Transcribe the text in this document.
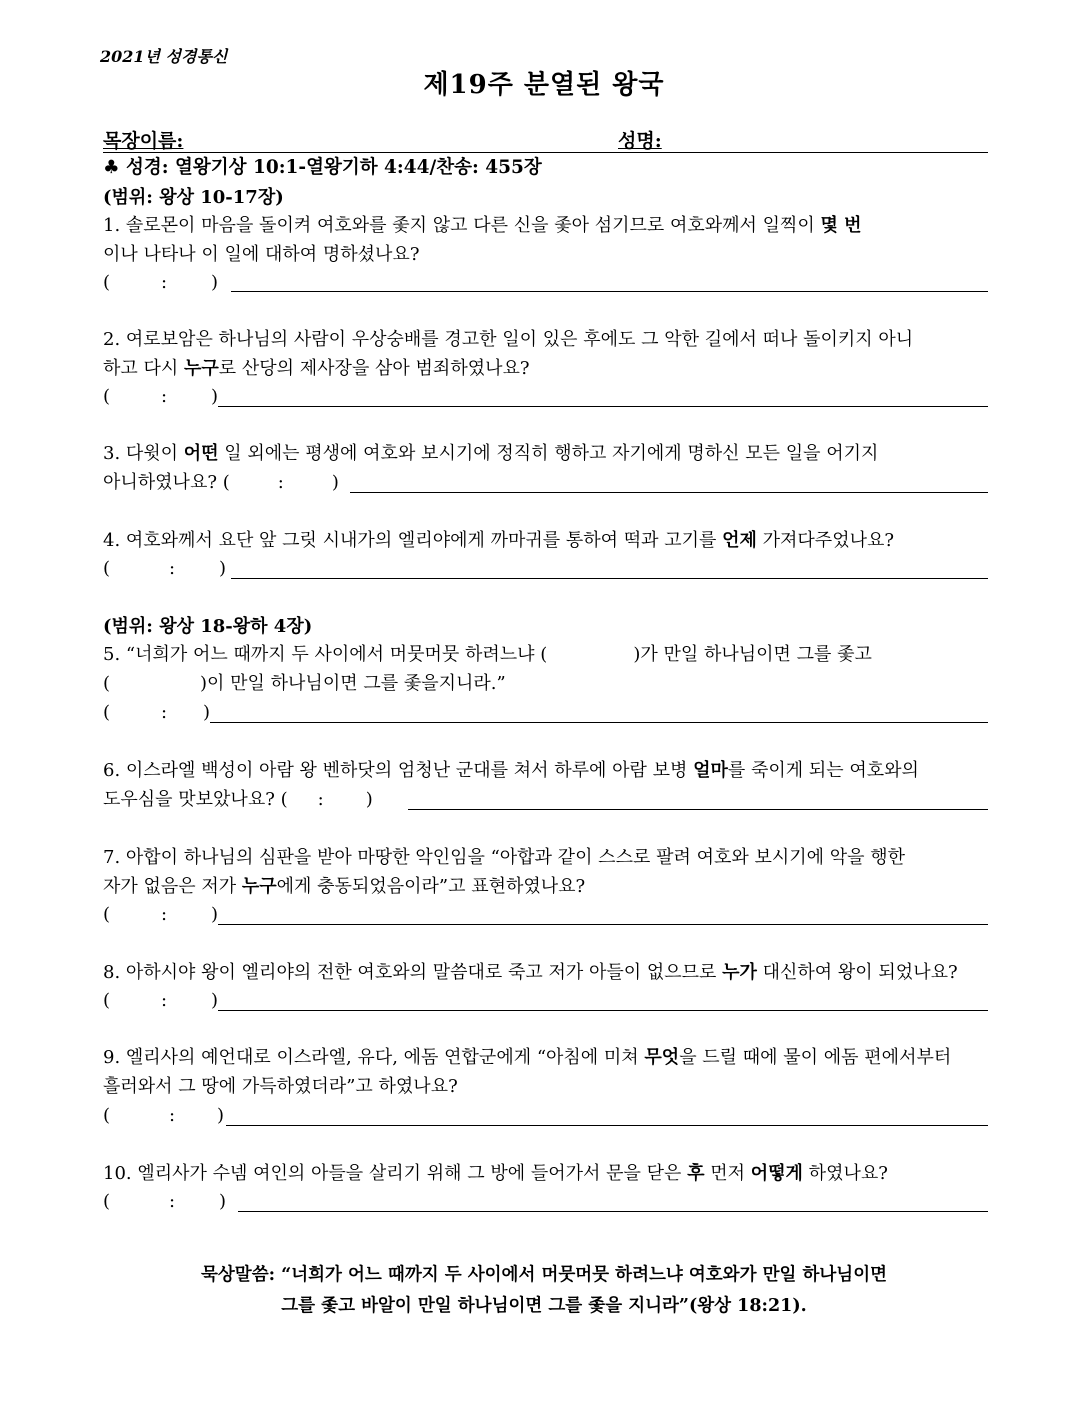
2021년 성경통신
제19주 분열된 왕국
목장이름:	성명:
♣ 성경: 열왕기상 10:1-열왕기하 4:44/찬송: 455장
(범위: 왕상 10-17장)
1. 솔로몬이 마음을 돌이켜 여호와를 좇지 않고 다른 신을 좇아 섬기므로 여호와께서 일찍이 몇 번
이나 나타나 이 일에 대하여 명하셨나요?
(	: )
2. 여로보암은 하나님의 사람이 우상숭배를 경고한 일이 있은 후에도 그 악한 길에서 떠나 돌이키지 아니
하고 다시 누구로 산당의 제사장을 삼아 범죄하였나요?
(	: )
3. 다윗이 어떤 일 외에는 평생에 여호와 보시기에 정직히 행하고 자기에게 명하신 모든 일을 어기지
아니하였나요? (	:	)
4. 여호와께서 요단 앞 그릿 시내가의 엘리야에게 까마귀를 통하여 떡과 고기를 언제 가져다주었나요?
(	: )
(범위: 왕상 18-왕하 4장)
5. “너희가 어느 때까지 두 사이에서 머뭇머뭇 하려느냐 (	)가 만일 하나님이면 그를 좇고
(	)이 만일 하나님이면 그를 좇을지니라.”
(	: )
6. 이스라엘 백성이 아람 왕 벤하닷의 엄청난 군대를 쳐서 하루에 아람 보병 얼마를 죽이게 되는 여호와의
도우심을 맛보았나요? ( : )
7. 아합이 하나님의 심판을 받아 마땅한 악인임을 “아합과 같이 스스로 팔려 여호와 보시기에 악을 행한
자가 없음은 저가 누구에게 충동되었음이라”고 표현하였나요?
(	: )
8. 아하시야 왕이 엘리야의 전한 여호와의 말씀대로 죽고 저가 아들이 없으므로 누가 대신하여 왕이 되었나요?
(	: )
9. 엘리사의 예언대로 이스라엘, 유다, 에돔 연합군에게 “아침에 미쳐 무엇을 드릴 때에 물이 에돔 편에서부터
흘러와서 그 땅에 가득하였더라”고 하였나요?
(	: )
10. 엘리사가 수넴 여인의 아들을 살리기 위해 그 방에 들어가서 문을 닫은 후 먼저 어떻게 하였나요?
(	: )
묵상말씀: “너희가 어느 때까지 두 사이에서 머뭇머뭇 하려느냐 여호와가 만일 하나님이면
그를 좇고 바알이 만일 하나님이면 그를 좇을 지니라”(왕상 18:21).
